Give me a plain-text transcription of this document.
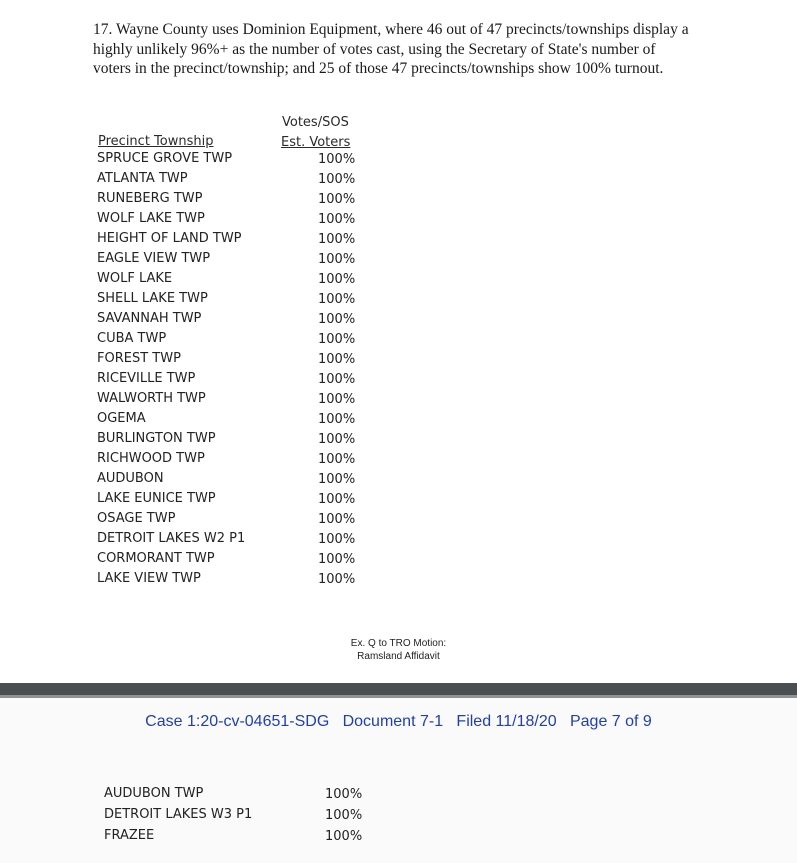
17. Wayne County uses Dominion Equipment, where 46 out of 47 precincts/townships display a highly unlikely 96%+ as the number of votes cast, using the Secretary of State's number of voters in the precinct/township; and 25 of those 47 precincts/townships show 100% turnout.

Votes/SOS
Precinct Township	Est. Voters
SPRUCE GROVE TWP	100%
ATLANTA TWP	100%
RUNEBERG TWP	100%
WOLF LAKE TWP	100%
HEIGHT OF LAND TWP	100%
EAGLE VIEW TWP	100%
WOLF LAKE	100%
SHELL LAKE TWP	100%
SAVANNAH TWP	100%
CUBA TWP	100%
FOREST TWP	100%
RICEVILLE TWP	100%
WALWORTH TWP	100%
OGEMA	100%
BURLINGTON TWP	100%
RICHWOOD TWP	100%
AUDUBON	100%
LAKE EUNICE TWP	100%
OSAGE TWP	100%
DETROIT LAKES W2 P1	100%
CORMORANT TWP	100%
LAKE VIEW TWP	100%
Ex. Q to TRO Motion:
Ramsland Affidavit
Case 1:20-cv-04651-SDG   Document 7-1   Filed 11/18/20   Page 7 of 9
AUDUBON TWP	100%
DETROIT LAKES W3 P1	100%
FRAZEE	100%
